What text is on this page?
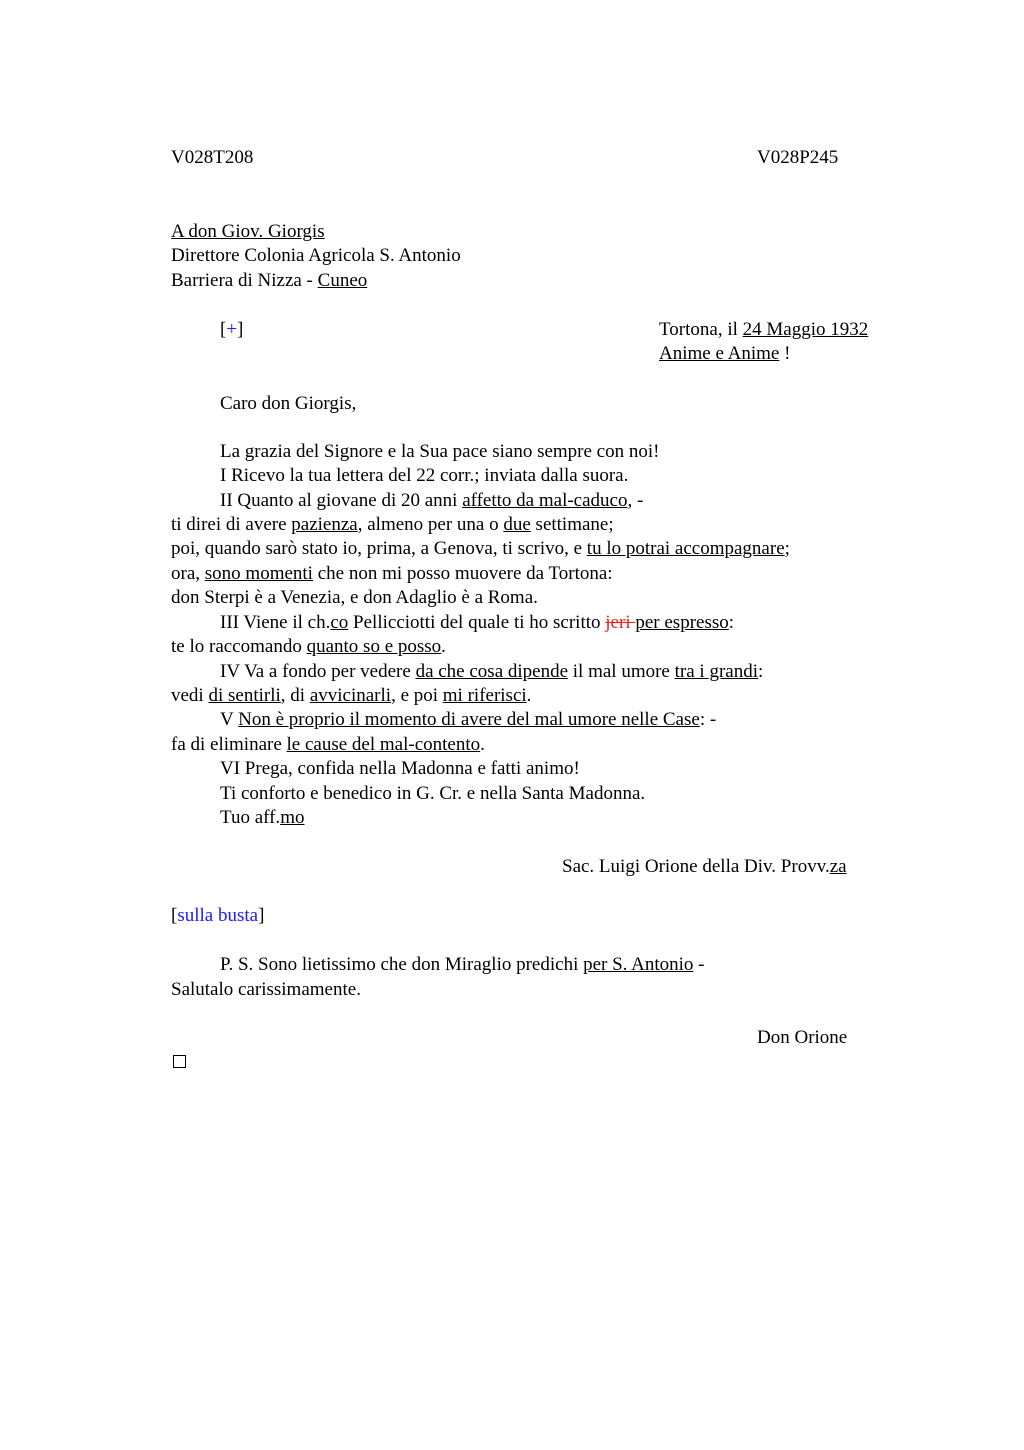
V028T208	V028P245

A don Giov. Giorgis

Direttore Colonia Agricola S. Antonio

Barriera di Nizza - Cuneo

[+]	Tortona, il 24 Maggio 1932

Anime e Anime !

Caro don Giorgis,

La grazia del Signore e la Sua pace siano sempre con noi!

I Ricevo la tua lettera del 22 corr.; inviata dalla suora.

II Quanto al giovane di 20 anni affetto da mal-caduco, -

ti direi di avere pazienza, almeno per una o due settimane;

poi, quando sarò stato io, prima, a Genova, ti scrivo, e tu lo potrai accompagnare;

ora, sono momenti che non mi posso muovere da Tortona:

don Sterpi è a Venezia, e don Adaglio è a Roma.

III Viene il ch.co Pellicciotti del quale ti ho scritto jeri per espresso:

te lo raccomando quanto so e posso.

IV Va a fondo per vedere da che cosa dipende il mal umore tra i grandi:

vedi di sentirli, di avvicinarli, e poi mi riferisci.

V Non è proprio il momento di avere del mal umore nelle Case: -

fa di eliminare le cause del mal-contento.

VI Prega, confida nella Madonna e fatti animo!

Ti conforto e benedico in G. Cr. e nella Santa Madonna.

Tuo aff.mo

Sac. Luigi Orione della Div. Provv.za

[sulla busta]

P. S. Sono lietissimo che don Miraglio predichi per S. Antonio -

Salutalo carissimamente.

Don Orione
